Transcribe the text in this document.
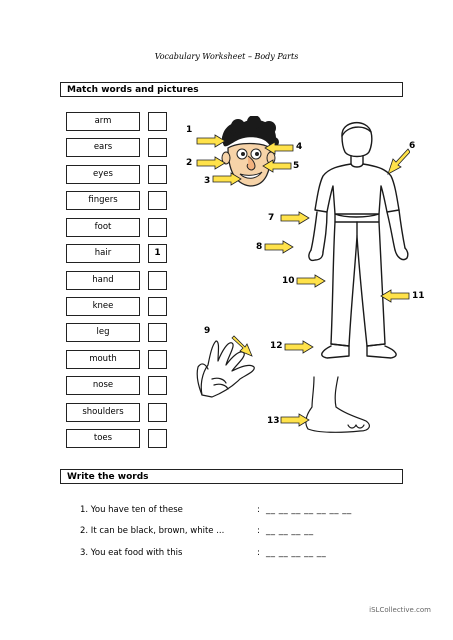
Vocabulary Worksheet – Body Parts
Match words and pictures
arm
ears
eyes
fingers
foot
hair	1
hand
knee
leg
mouth
nose
shoulders
toes
1
2
3
4
5
6
7
8
9
10
11
12
13
Write the words
1. You have ten of these	: __ __ __ __ __ __ __
2. It can be black, brown, white ...	: __ __ __ __
3. You eat food with this	: __ __ __ __ __
iSLCollective.com
